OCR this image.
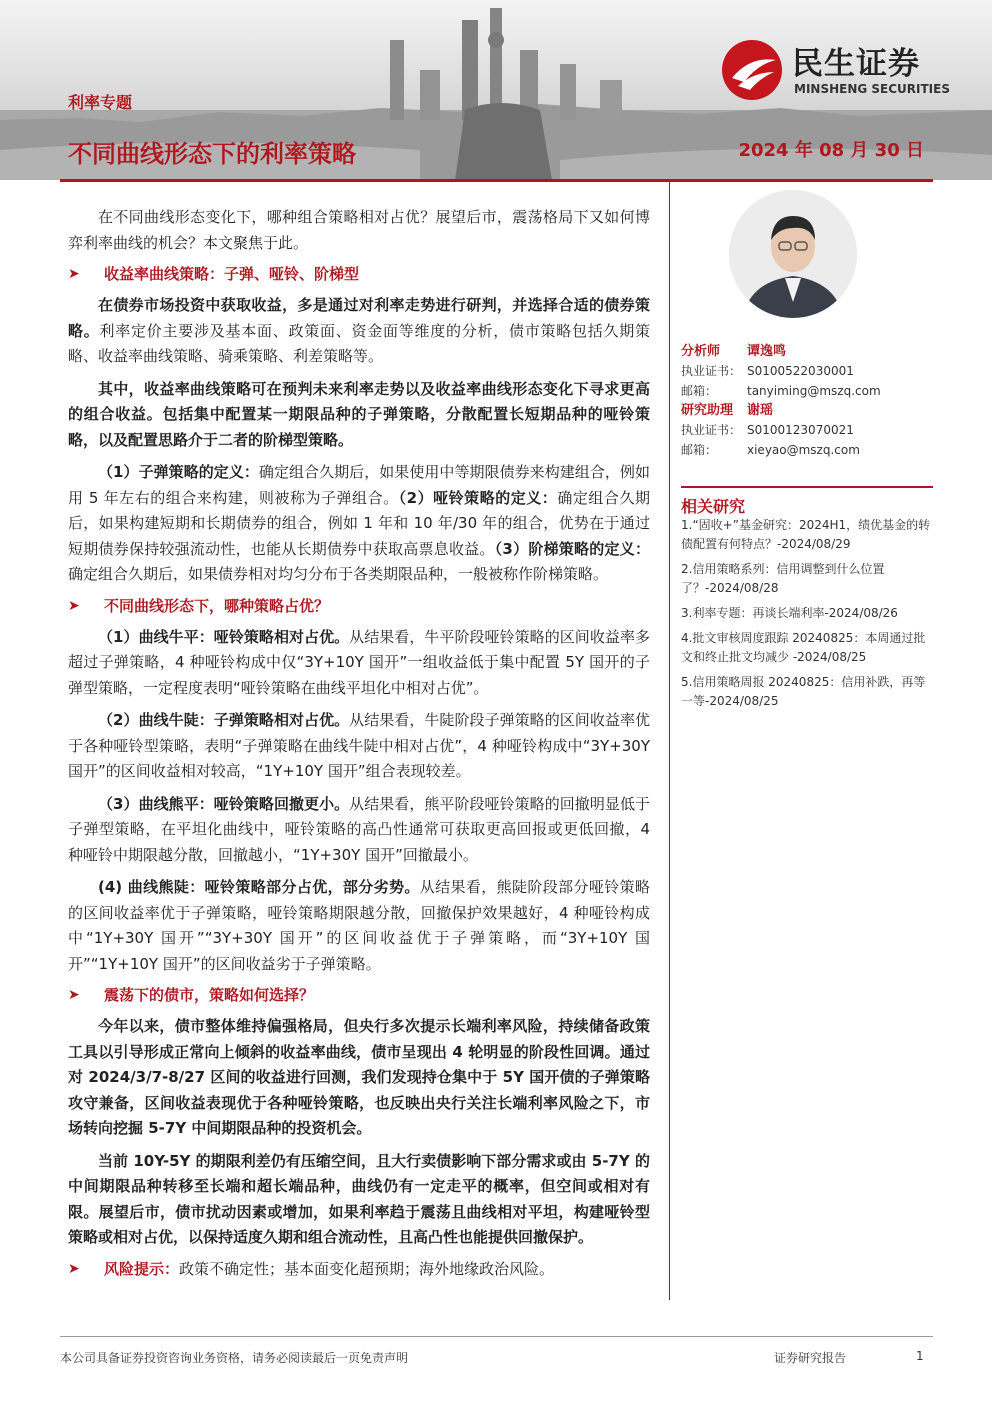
利率专题
不同曲线形态下的利率策略	2024 年 08 月 30 日
民生证券
MINSHENG SECURITIES

在不同曲线形态变化下，哪种组合策略相对占优？展望后市，震荡格局下又如何博弈利率曲线的机会？本文聚焦于此。

➤	收益率曲线策略：子弹、哑铃、阶梯型

在债券市场投资中获取收益，多是通过对利率走势进行研判，并选择合适的债券策略。利率定价主要涉及基本面、政策面、资金面等维度的分析，债市策略包括久期策略、收益率曲线策略、骑乘策略、利差策略等。

其中，收益率曲线策略可在预判未来利率走势以及收益率曲线形态变化下寻求更高的组合收益。包括集中配置某一期限品种的子弹策略，分散配置长短期品种的哑铃策略，以及配置思路介于二者的阶梯型策略。

（1）子弹策略的定义：确定组合久期后，如果使用中等期限债券来构建组合，例如用 5 年左右的组合来构建，则被称为子弹组合。（2）哑铃策略的定义：确定组合久期后，如果构建短期和长期债券的组合，例如 1 年和 10 年/30 年的组合，优势在于通过短期债券保持较强流动性，也能从长期债券中获取高票息收益。（3）阶梯策略的定义：确定组合久期后，如果债券相对均匀分布于各类期限品种，一般被称作阶梯策略。

➤	不同曲线形态下，哪种策略占优？

（1）曲线牛平：哑铃策略相对占优。从结果看，牛平阶段哑铃策略的区间收益率多超过子弹策略，4 种哑铃构成中仅“3Y+10Y 国开”一组收益低于集中配置 5Y 国开的子弹型策略，一定程度表明“哑铃策略在曲线平坦化中相对占优”。

（2）曲线牛陡：子弹策略相对占优。从结果看，牛陡阶段子弹策略的区间收益率优于各种哑铃型策略，表明“子弹策略在曲线牛陡中相对占优”，4 种哑铃构成中“3Y+30Y 国开”的区间收益相对较高，“1Y+10Y 国开”组合表现较差。

（3）曲线熊平：哑铃策略回撤更小。从结果看，熊平阶段哑铃策略的回撤明显低于子弹型策略，在平坦化曲线中，哑铃策略的高凸性通常可获取更高回报或更低回撤，4 种哑铃中期限越分散，回撤越小，“1Y+30Y 国开”回撤最小。

(4) 曲线熊陡：哑铃策略部分占优，部分劣势。从结果看，熊陡阶段部分哑铃策略的区间收益率优于子弹策略，哑铃策略期限越分散，回撤保护效果越好，4 种哑铃构成中“1Y+30Y 国开”“3Y+30Y 国开”的区间收益优于子弹策略，而“3Y+10Y 国开”“1Y+10Y 国开”的区间收益劣于子弹策略。

➤	震荡下的债市，策略如何选择？

今年以来，债市整体维持偏强格局，但央行多次提示长端利率风险，持续储备政策工具以引导形成正常向上倾斜的收益率曲线，债市呈现出 4 轮明显的阶段性回调。通过对 2024/3/7-8/27 区间的收益进行回测，我们发现持仓集中于 5Y 国开债的子弹策略攻守兼备，区间收益表现优于各种哑铃策略，也反映出央行关注长端利率风险之下，市场转向挖掘 5-7Y 中间期限品种的投资机会。

当前 10Y-5Y 的期限利差仍有压缩空间，且大行卖债影响下部分需求或由 5-7Y 的中间期限品种转移至长端和超长端品种，曲线仍有一定走平的概率，但空间或相对有限。展望后市，债市扰动因素或增加，如果利率趋于震荡且曲线相对平坦，构建哑铃型策略或相对占优，以保持适度久期和组合流动性，且高凸性也能提供回撤保护。

➤	风险提示： 政策不确定性；基本面变化超预期；海外地缘政治风险。
分析师	谭逸鸣
执业证书： S0100522030001
邮箱：	tanyiming@mszq.com
研究助理	谢瑶
执业证书： S0100123070021
邮箱：	xieyao@mszq.com
相关研究
1.“固收+”基金研究：2024H1，绩优基金的转债配置有何特点？-2024/08/29
2.信用策略系列：信用调整到什么位置了？-2024/08/28
3.利率专题：再谈长端利率-2024/08/26
4.批文审核周度跟踪 20240825：本周通过批文和终止批文均减少 -2024/08/25
5.信用策略周报 20240825：信用补跌，再等一等-2024/08/25
本公司具备证券投资咨询业务资格，请务必阅读最后一页免责声明	证券研究报告	1
